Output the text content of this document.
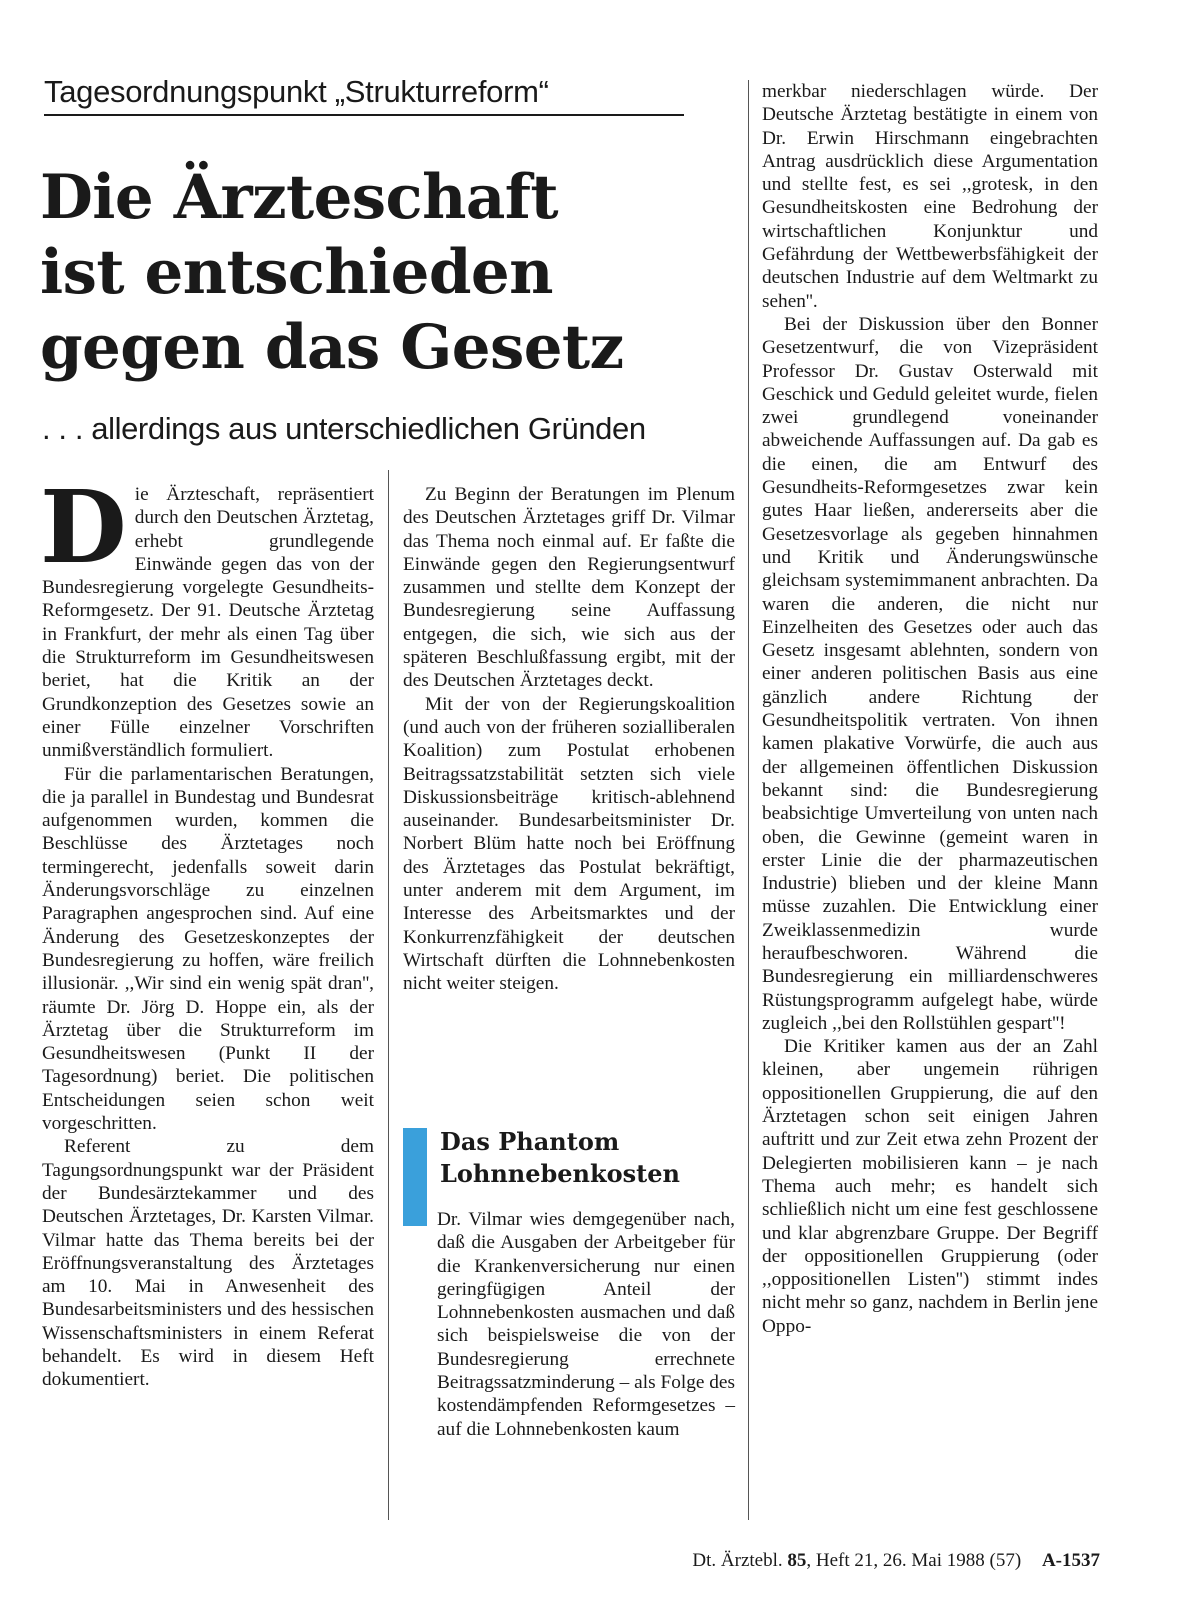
Tagesordnungspunkt „Strukturreform“
Die Ärzteschaft
ist entschieden
gegen das Gesetz
. . . allerdings aus unterschiedlichen Gründen
D ie Ärzteschaft, repräsentiert durch den Deutschen Ärztetag, erhebt grundlegende Einwände gegen das von der Bundesregierung vorgelegte Gesundheits-Reformgesetz. Der 91. Deutsche Ärztetag in Frankfurt, der mehr als einen Tag über die Strukturreform im Gesundheitswesen beriet, hat die Kritik an der Grundkonzeption des Gesetzes sowie an einer Fülle einzelner Vorschriften unmißverständlich formuliert.

Für die parlamentarischen Beratungen, die ja parallel in Bundestag und Bundesrat aufgenommen wurden, kommen die Beschlüsse des Ärztetages noch termingerecht, jedenfalls soweit darin Änderungsvorschläge zu einzelnen Paragraphen angesprochen sind. Auf eine Änderung des Gesetzeskonzeptes der Bundesregierung zu hoffen, wäre freilich illusionär. ,,Wir sind ein wenig spät dran'', räumte Dr. Jörg D. Hoppe ein, als der Ärztetag über die Strukturreform im Gesundheitswesen (Punkt II der Tagesordnung) beriet. Die politischen Entscheidungen seien schon weit vorgeschritten.

Referent zu dem Tagungsordnungspunkt war der Präsident der Bundesärztekammer und des Deutschen Ärztetages, Dr. Karsten Vilmar. Vilmar hatte das Thema bereits bei der Eröffnungsveranstaltung des Ärztetages am 10. Mai in Anwesenheit des Bundesarbeitsministers und des hessischen Wissenschaftsministers in einem Referat behandelt. Es wird in diesem Heft dokumentiert.

Zu Beginn der Beratungen im Plenum des Deutschen Ärztetages griff Dr. Vilmar das Thema noch einmal auf. Er faßte die Einwände gegen den Regierungsentwurf zusammen und stellte dem Konzept der Bundesregierung seine Auffassung entgegen, die sich, wie sich aus der späteren Beschlußfassung ergibt, mit der des Deutschen Ärztetages deckt.

Mit der von der Regierungskoalition (und auch von der früheren sozialliberalen Koalition) zum Postulat erhobenen Beitragssatzstabilität setzten sich viele Diskussionsbeiträge kritisch-ablehnend auseinander. Bundesarbeitsminister Dr. Norbert Blüm hatte noch bei Eröffnung des Ärztetages das Postulat bekräftigt, unter anderem mit dem Argument, im Interesse des Arbeitsmarktes und der Konkurrenzfähigkeit der deutschen Wirtschaft dürften die Lohnnebenkosten nicht weiter steigen.

Das Phantom
Lohnnebenkosten

Dr. Vilmar wies demgegenüber nach, daß die Ausgaben der Arbeitgeber für die Krankenversicherung nur einen geringfügigen Anteil der Lohnnebenkosten ausmachen und daß sich beispielsweise die von der Bundesregierung errechnete Beitragssatzminderung – als Folge des kostendämpfenden Reformgesetzes – auf die Lohnnebenkosten kaum

merkbar niederschlagen würde. Der Deutsche Ärztetag bestätigte in einem von Dr. Erwin Hirschmann eingebrachten Antrag ausdrücklich diese Argumentation und stellte fest, es sei ,,grotesk, in den Gesundheitskosten eine Bedrohung der wirtschaftlichen Konjunktur und Gefährdung der Wettbewerbsfähigkeit der deutschen Industrie auf dem Weltmarkt zu sehen''.

Bei der Diskussion über den Bonner Gesetzentwurf, die von Vizepräsident Professor Dr. Gustav Osterwald mit Geschick und Geduld geleitet wurde, fielen zwei grundlegend voneinander abweichende Auffassungen auf. Da gab es die einen, die am Entwurf des Gesundheits-Reformgesetzes zwar kein gutes Haar ließen, andererseits aber die Gesetzesvorlage als gegeben hinnahmen und Kritik und Änderungswünsche gleichsam systemimmanent anbrachten. Da waren die anderen, die nicht nur Einzelheiten des Gesetzes oder auch das Gesetz insgesamt ablehnten, sondern von einer anderen politischen Basis aus eine gänzlich andere Richtung der Gesundheitspolitik vertraten. Von ihnen kamen plakative Vorwürfe, die auch aus der allgemeinen öffentlichen Diskussion bekannt sind: die Bundesregierung beabsichtige Umverteilung von unten nach oben, die Gewinne (gemeint waren in erster Linie die der pharmazeutischen Industrie) blieben und der kleine Mann müsse zuzahlen. Die Entwicklung einer Zweiklassenmedizin wurde heraufbeschworen. Während die Bundesregierung ein milliardenschweres Rüstungsprogramm aufgelegt habe, würde zugleich ,,bei den Rollstühlen gespart''!

Die Kritiker kamen aus der an Zahl kleinen, aber ungemein rührigen oppositionellen Gruppierung, die auf den Ärztetagen schon seit einigen Jahren auftritt und zur Zeit etwa zehn Prozent der Delegierten mobilisieren kann – je nach Thema auch mehr; es handelt sich schließlich nicht um eine fest geschlossene und klar abgrenzbare Gruppe. Der Begriff der oppositionellen Gruppierung (oder ,,oppositionellen Listen'') stimmt indes nicht mehr so ganz, nachdem in Berlin jene Oppo-

Dt. Ärztebl. 85, Heft 21, 26. Mai 1988 (57) A-1537
